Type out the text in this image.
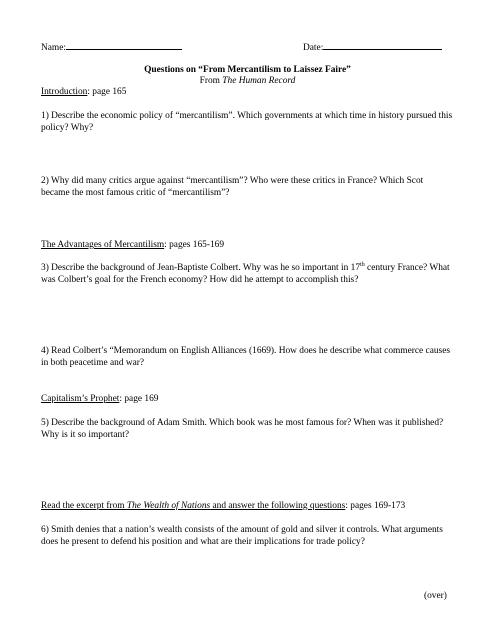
Name:	Date:
Questions on “From Mercantilism to Laissez Faire”
From The Human Record
Introduction: page 165
1) Describe the economic policy of “mercantilism”. Which governments at which time in history pursued this policy? Why?
2) Why did many critics argue against “mercantilism”? Who were these critics in France? Which Scot became the most famous critic of “mercantilism”?
The Advantages of Mercantilism: pages 165-169
3) Describe the background of Jean-Baptiste Colbert. Why was he so important in 17th century France? What was Colbert’s goal for the French economy? How did he attempt to accomplish this?
4) Read Colbert’s “Memorandum on English Alliances (1669). How does he describe what commerce causes in both peacetime and war?
Capitalism’s Prophet: page 169
5) Describe the background of Adam Smith. Which book was he most famous for? When was it published? Why is it so important?
Read the excerpt from The Wealth of Nations and answer the following questions: pages 169-173
6) Smith denies that a nation’s wealth consists of the amount of gold and silver it controls. What arguments does he present to defend his position and what are their implications for trade policy?
(over)
